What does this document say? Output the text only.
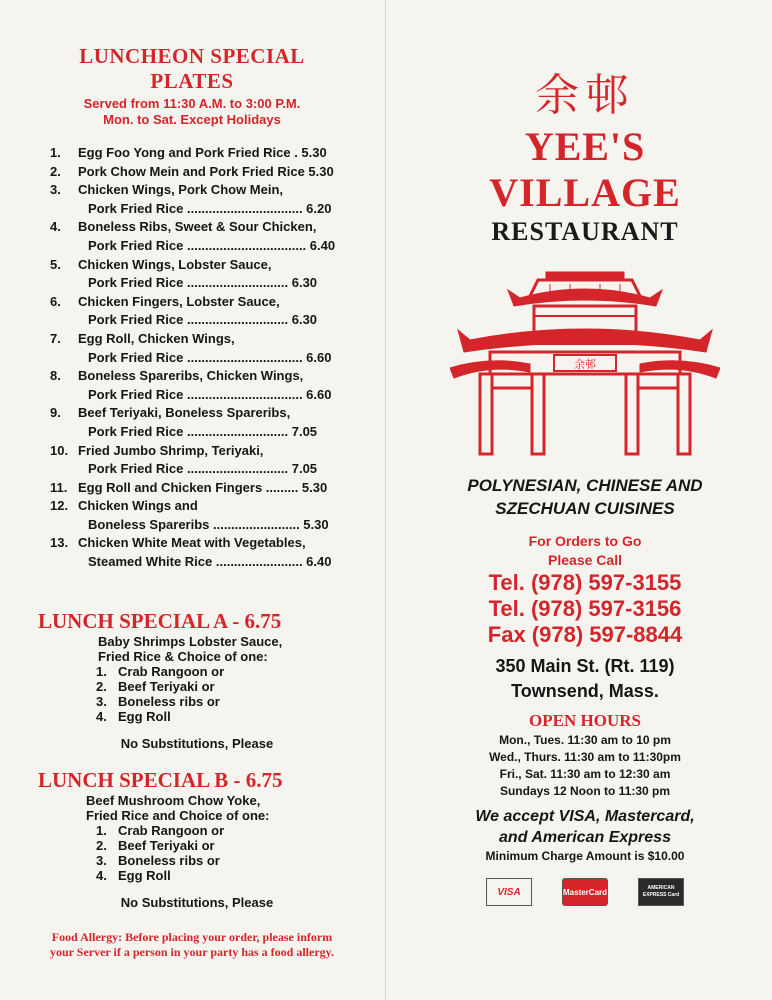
LUNCHEON SPECIAL
PLATES
Served from 11:30 A.M. to 3:00 P.M.
Mon. to Sat. Except Holidays
1.	Egg Foo Yong and Pork Fried Rice . 5.30
2.	Pork Chow Mein and Pork Fried Rice 5.30
3.	Chicken Wings, Pork Chow Mein,
Pork Fried Rice ................................ 6.20
4.	Boneless Ribs, Sweet & Sour Chicken,
Pork Fried Rice ................................. 6.40
5.	Chicken Wings, Lobster Sauce,
Pork Fried Rice ............................ 6.30
6.	Chicken Fingers, Lobster Sauce,
Pork Fried Rice ............................ 6.30
7.	Egg Roll, Chicken Wings,
Pork Fried Rice ................................ 6.60
8.	Boneless Spareribs, Chicken Wings,
Pork Fried Rice ................................ 6.60
9.	Beef Teriyaki, Boneless Spareribs,
Pork Fried Rice ............................ 7.05
10. Fried Jumbo Shrimp, Teriyaki,
Pork Fried Rice ............................ 7.05
11. Egg Roll and Chicken Fingers ......... 5.30
12. Chicken Wings and
Boneless Spareribs ........................ 5.30
13. Chicken White Meat with Vegetables,
Steamed White Rice ........................ 6.40
LUNCH SPECIAL A - 6.75
Baby Shrimps Lobster Sauce,
Fried Rice & Choice of one:
1. Crab Rangoon or
2. Beef Teriyaki or
3. Boneless ribs or
4. Egg Roll
No Substitutions, Please
LUNCH SPECIAL B - 6.75
Beef Mushroom Chow Yoke,
Fried Rice and Choice of one:
1. Crab Rangoon or
2. Beef Teriyaki or
3. Boneless ribs or
4. Egg Roll
No Substitutions, Please
Food Allergy: Before placing your order, please inform
your Server if a person in your party has a food allergy.
余邨
YEE'S
VILLAGE
RESTAURANT
余邨
POLYNESIAN, CHINESE AND
SZECHUAN CUISINES
For Orders to Go
Please Call
Tel. (978) 597-3155
Tel. (978) 597-3156
Fax (978) 597-8844
350 Main St. (Rt. 119)
Townsend, Mass.
OPEN HOURS
Mon., Tues. 11:30 am to 10 pm
Wed., Thurs. 11:30 am to 11:30pm
Fri., Sat. 11:30 am to 12:30 am
Sundays 12 Noon to 11:30 pm
We accept VISA, Mastercard,
and American Express
Minimum Charge Amount is $10.00
VISA	MasterCard	AMERICAN EXPRESS Card
